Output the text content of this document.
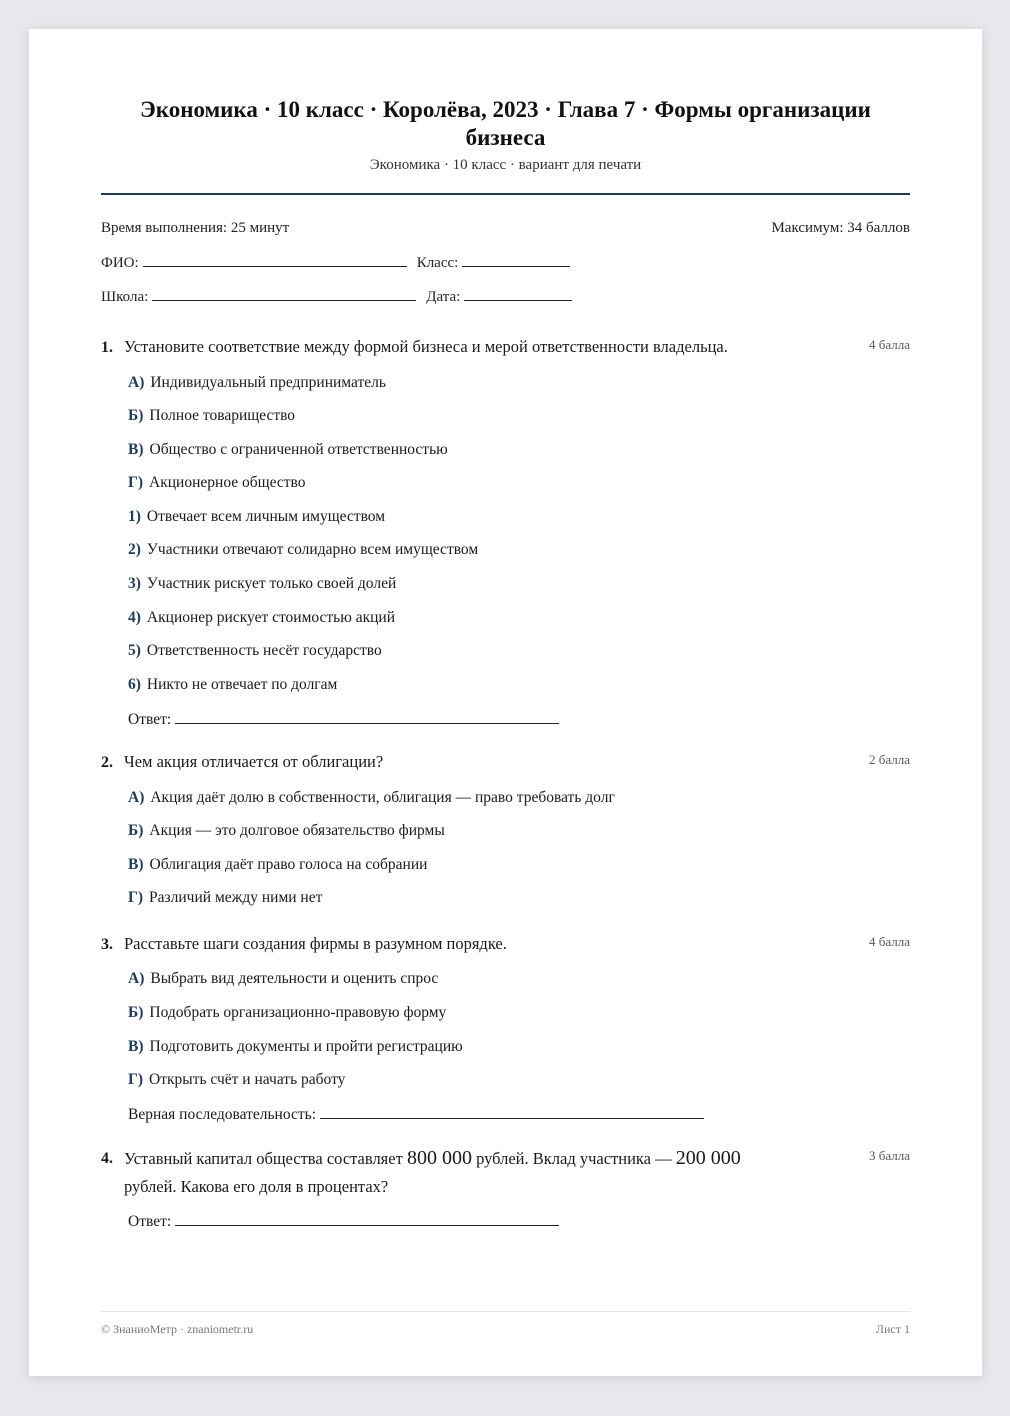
Экономика · 10 класс · Королёва, 2023 · Глава 7 · Формы организации бизнеса
Экономика · 10 класс · вариант для печати
Время выполнения: 25 минут	Максимум: 34 баллов
ФИО:	Класс:
Школа:	Дата:
1. Установите соответствие между формой бизнеса и мерой ответственности владельца.	4 балла
А) Индивидуальный предприниматель
Б) Полное товарищество
В) Общество с ограниченной ответственностью
Г) Акционерное общество
1) Отвечает всем личным имуществом
2) Участники отвечают солидарно всем имуществом
3) Участник рискует только своей долей
4) Акционер рискует стоимостью акций
5) Ответственность несёт государство
6) Никто не отвечает по долгам
Ответ:
2. Чем акция отличается от облигации?	2 балла
А) Акция даёт долю в собственности, облигация — право требовать долг
Б) Акция — это долговое обязательство фирмы
В) Облигация даёт право голоса на собрании
Г) Различий между ними нет
3. Расставьте шаги создания фирмы в разумном порядке.	4 балла
А) Выбрать вид деятельности и оценить спрос
Б) Подобрать организационно-правовую форму
В) Подготовить документы и пройти регистрацию
Г) Открыть счёт и начать работу
Верная последовательность:
4. Уставный капитал общества составляет 800 000 рублей. Вклад участника — 200 000
рублей. Какова его доля в процентах?
3 балла
Ответ:
© ЗнаниоМетр · znaniometr.ru	Лист 1
